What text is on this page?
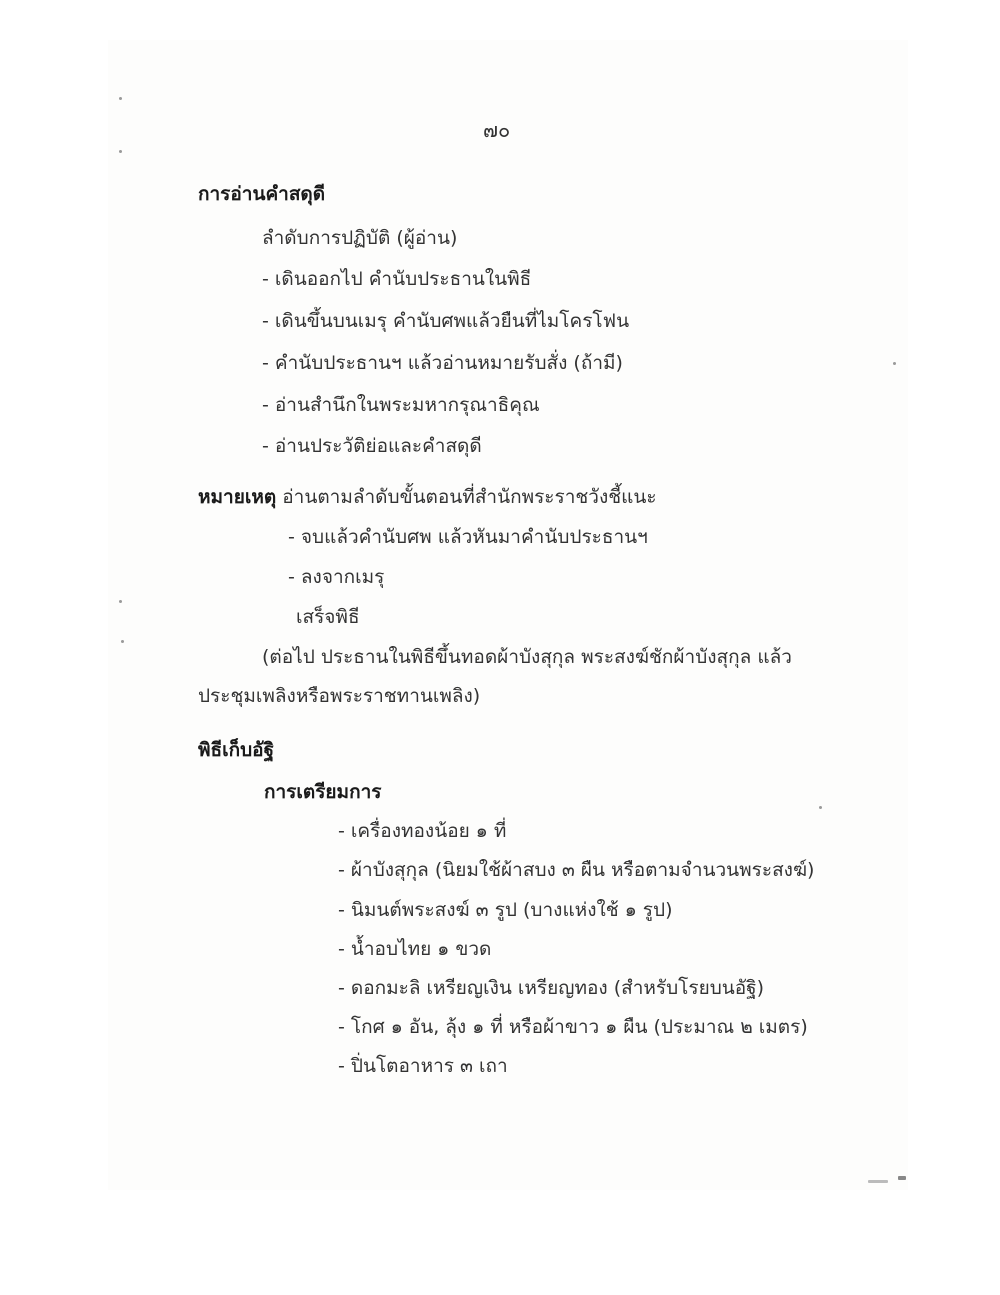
๗๐
การอ่านคำสดุดี
ลำดับการปฏิบัติ (ผู้อ่าน)
- เดินออกไป คำนับประธานในพิธี
- เดินขึ้นบนเมรุ คำนับศพแล้วยืนที่ไมโครโฟน
- คำนับประธานฯ แล้วอ่านหมายรับสั่ง (ถ้ามี)
- อ่านสำนึกในพระมหากรุณาธิคุณ
- อ่านประวัติย่อและคำสดุดี
หมายเหตุ อ่านตามลำดับขั้นตอนที่สำนักพระราชวังชี้แนะ
- จบแล้วคำนับศพ แล้วหันมาคำนับประธานฯ
- ลงจากเมรุ
เสร็จพิธี
(ต่อไป ประธานในพิธีขึ้นทอดผ้าบังสุกุล พระสงฆ์ชักผ้าบังสุกุล แล้ว
ประชุมเพลิงหรือพระราชทานเพลิง)
พิธีเก็บอัฐิ
การเตรียมการ
- เครื่องทองน้อย ๑ ที่
- ผ้าบังสุกุล (นิยมใช้ผ้าสบง ๓ ผืน หรือตามจำนวนพระสงฆ์)
- นิมนต์พระสงฆ์ ๓ รูป (บางแห่งใช้ ๑ รูป)
- น้ำอบไทย ๑ ขวด
- ดอกมะลิ เหรียญเงิน เหรียญทอง (สำหรับโรยบนอัฐิ)
- โกศ ๑ อัน, ลุ้ง ๑ ที่ หรือผ้าขาว ๑ ผืน (ประมาณ ๒ เมตร)
- ปิ่นโตอาหาร ๓ เถา
